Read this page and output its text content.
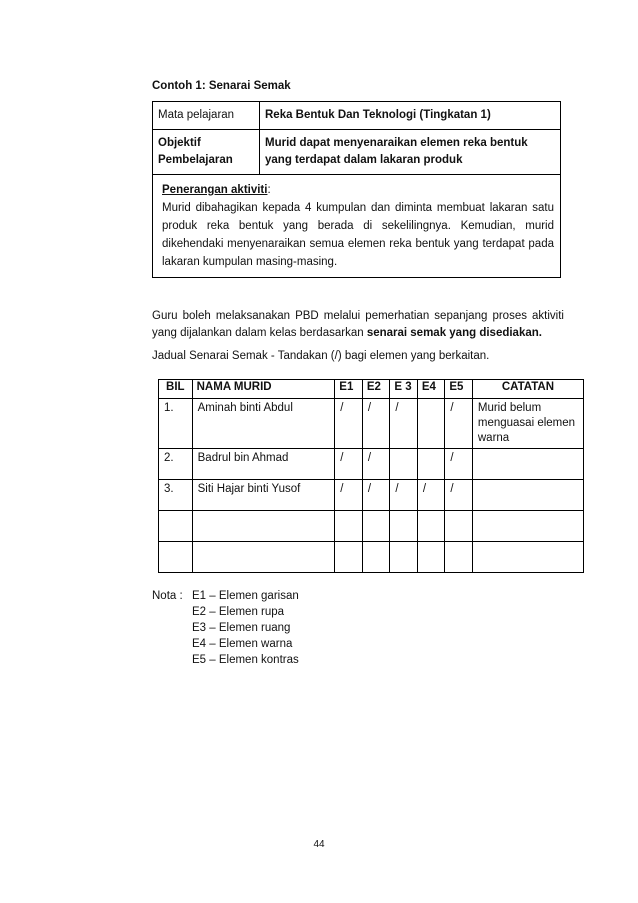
Contoh 1: Senarai Semak
Mata pelajaran	Reka Bentuk Dan Teknologi (Tingkatan 1)
Objektif Pembelajaran	Murid dapat menyenaraikan elemen reka bentuk yang terdapat dalam lakaran produk
Penerangan aktiviti:
Murid dibahagikan kepada 4 kumpulan dan diminta membuat lakaran satu produk reka bentuk yang berada di sekelilingnya. Kemudian, murid dikehendaki menyenaraikan semua elemen reka bentuk yang terdapat pada lakaran kumpulan masing-masing.	
Guru boleh melaksanakan PBD melalui pemerhatian sepanjang proses aktiviti yang dijalankan dalam kelas berdasarkan senarai semak yang disediakan.
Jadual Senarai Semak - Tandakan (/) bagi elemen yang berkaitan.
BIL	NAMA MURID	E1	E2	E 3	E4	E5	CATATAN
1.	Aminah binti Abdul	/	/	/		/	Murid belum menguasai elemen warna
2.	Badrul bin Ahmad	/	/			/	
3.	Siti Hajar binti Yusof	/	/	/	/	/	

Nota : E1 – Elemen garisan
E2 – Elemen rupa
E3 – Elemen ruang
E4 – Elemen warna
E5 – Elemen kontras
44
